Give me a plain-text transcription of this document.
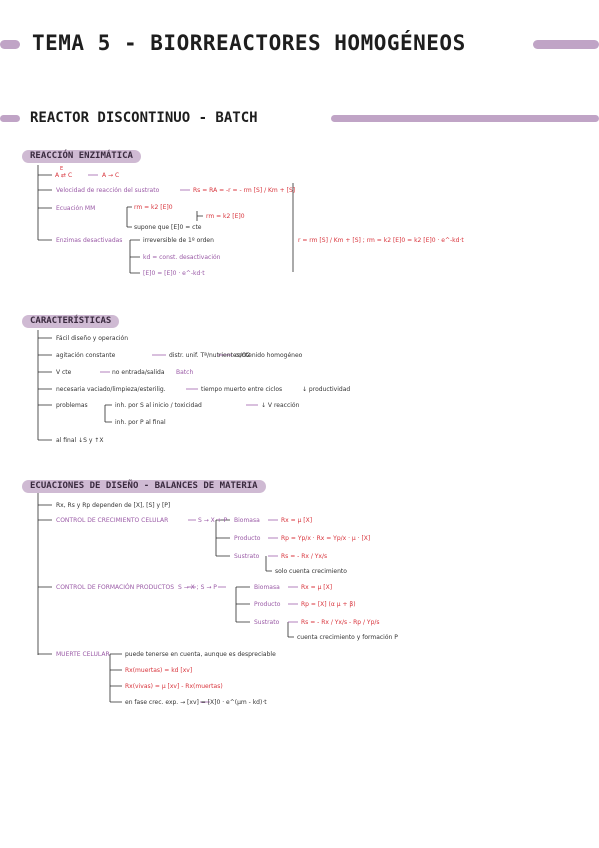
TEMA 5 - BIORREACTORES HOMOGÉNEOS
REACTOR DISCONTINUO - BATCH
REACCIÓN ENZIMÁTICA
E
A ⇄ C	A → C
Velocidad de reacción del sustrato	Rs = RA = -r = - rm [S] / Km + [S]
Ecuación MM	rm = k2 [E]0
supone que [E]0 = cte
rm = k2 [E]0
Enzimas desactivadas	irreversible de 1º orden
kd = const. desactivación
[E]0 = [E]0 · e^-kd·t
r = rm [S] / Km + [S] ; rm = k2 [E]0 = k2 [E]0 · e^-kd·t
CARACTERÍSTICAS
Fácil diseño y operación
agitación constante	distr. unif. Tª/nutrientes/O2
contenido homogéneo
V cte	no entrada/salida Batch
necesaria vaciado/limpieza/esterilig.	tiempo muerto entre ciclos	↓ productividad
problemas	inh. por S al inicio / toxicidad	↓ V reacción
inh. por P al final
al final ↓S y ↑X
ECUACIONES DE DISEÑO - BALANCES DE MATERIA
Rx, Rs y Rp dependen de [X], [S] y [P]
CONTROL DE CRECIMIENTO CELULAR	S → X + P Biomasa	Rx = μ [X]
Producto	Rp = Yp/x · Rx = Yp/x · μ · [X]
Sustrato	Rs = - Rx / Yx/s
solo cuenta crecimiento
CONTROL DE FORMACIÓN PRODUCTOS S → X ; S → P	Biomasa	Rx = μ [X]
Producto	Rp = [X] (α μ + β)
Sustrato	Rs = - Rx / Yx/s - Rp / Yp/s
cuenta crecimiento y formación P
MUERTE CELULAR	puede tenerse en cuenta, aunque es despreciable
Rx(muertas) = kd [xv]
Rx(vivas) = μ [xv] - Rx(muertas)
en fase crec. exp. → [xv] = [X]0 · e^(μm - kd)·t
